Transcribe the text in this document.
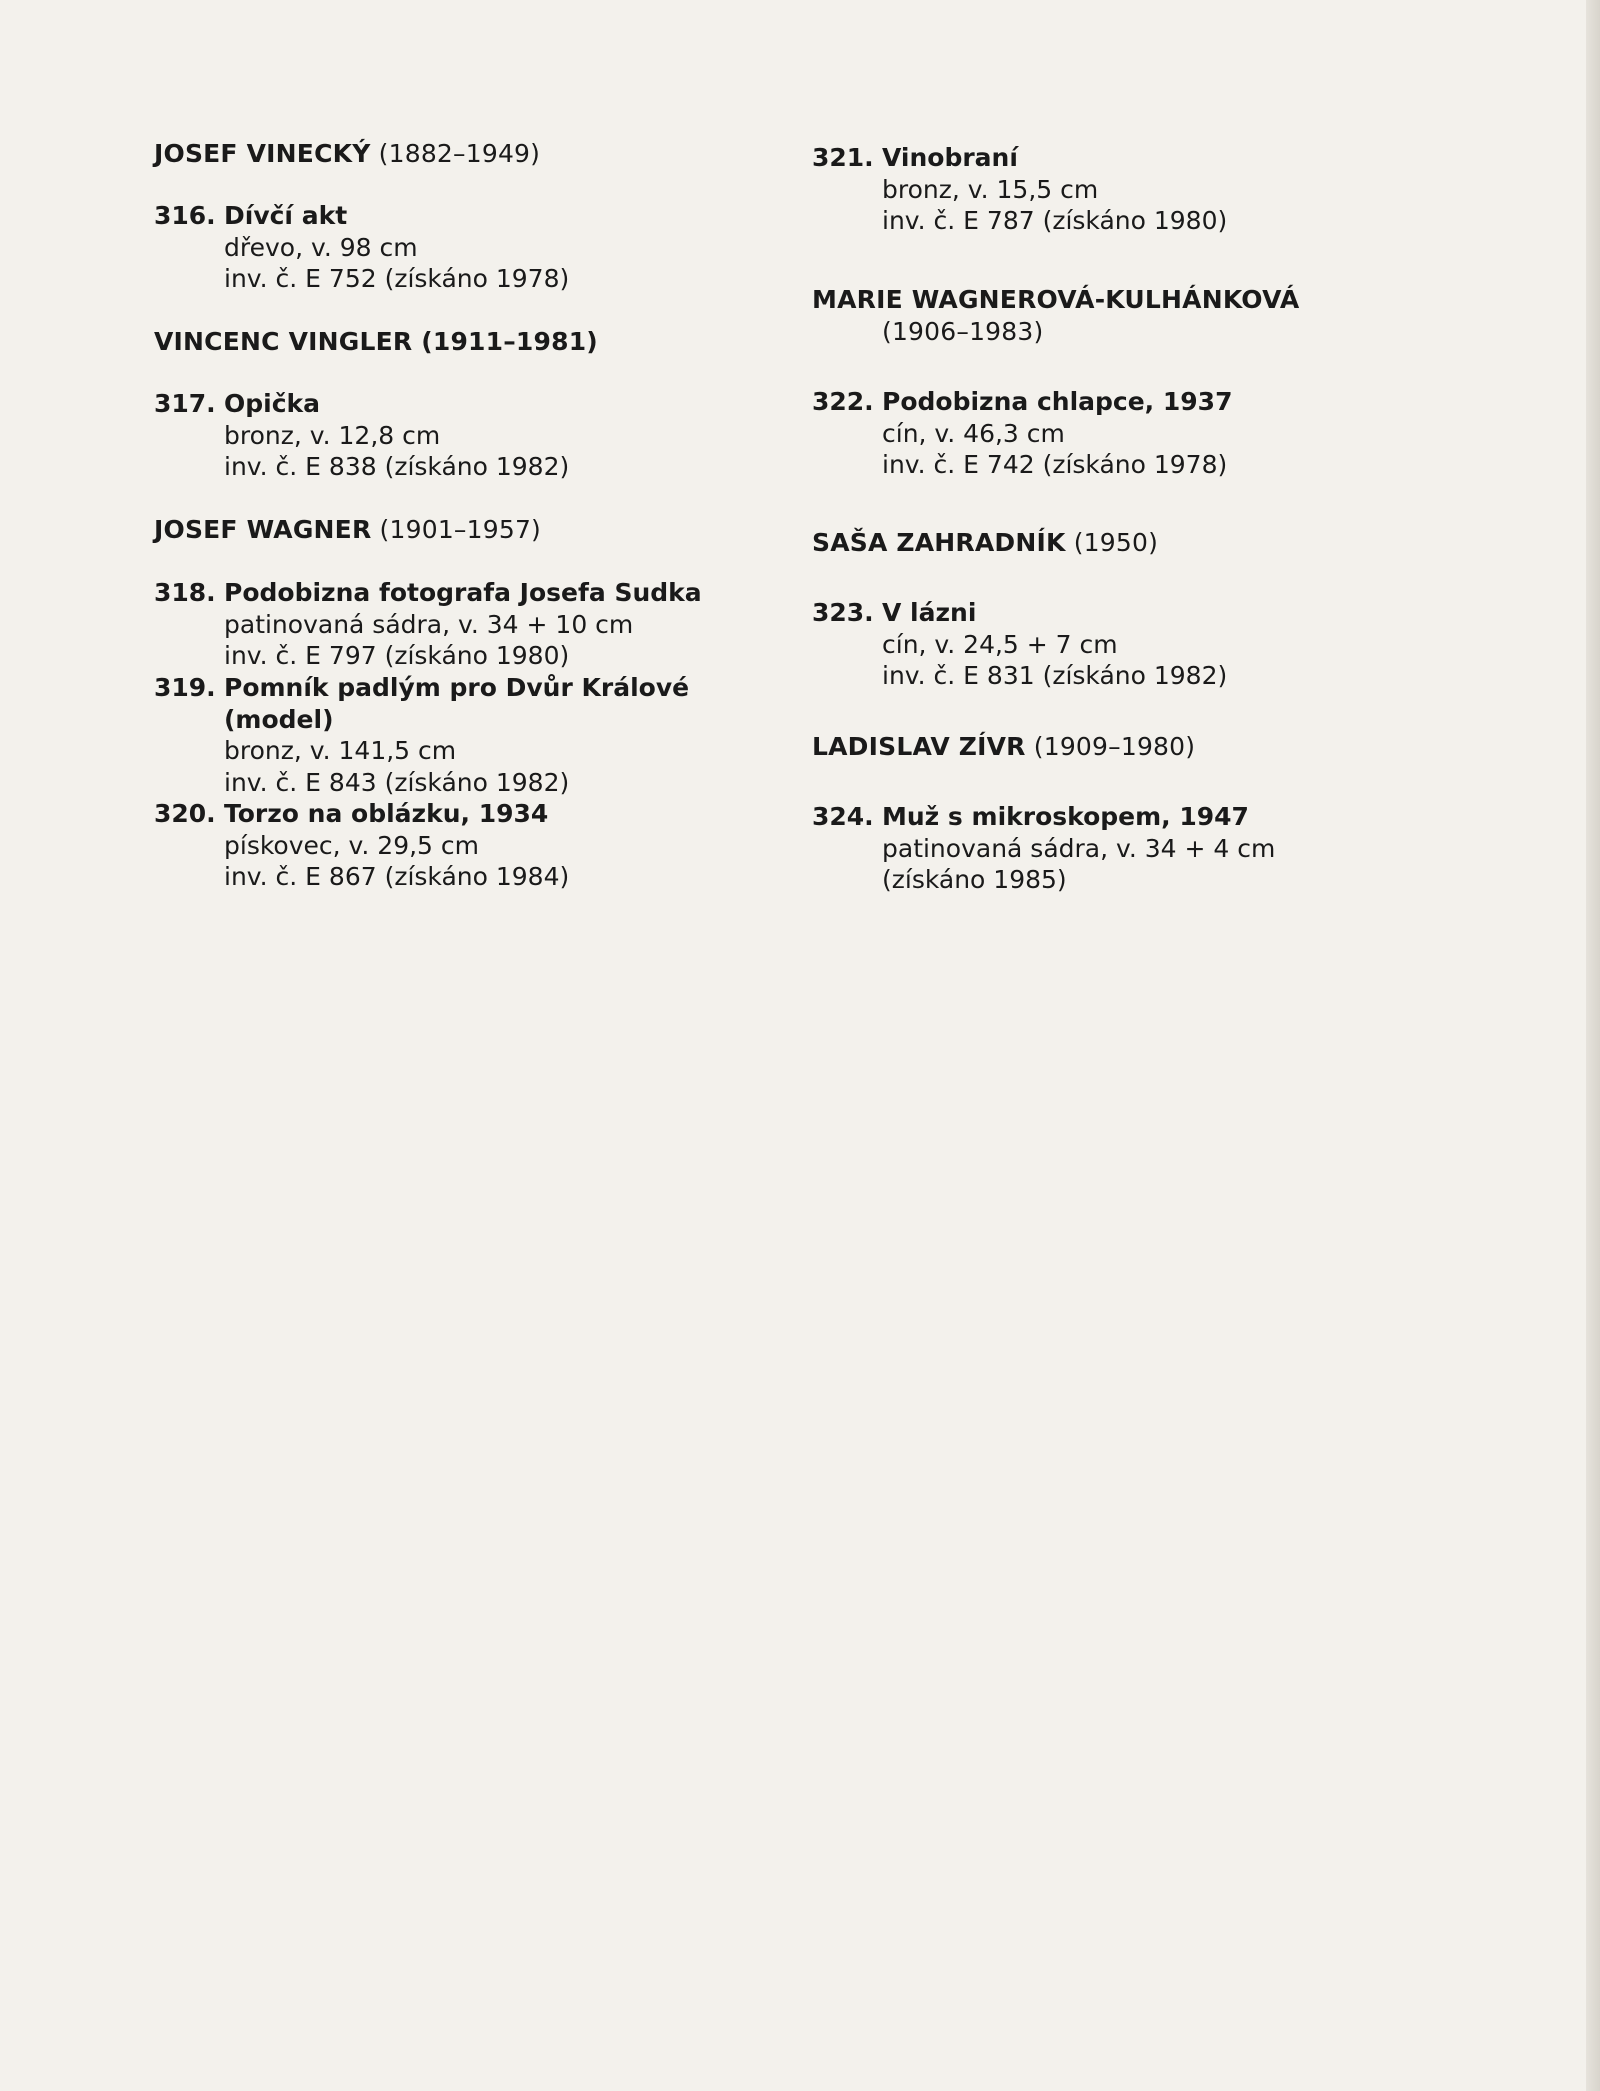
JOSEF VINECKÝ (1882–1949)
316. Dívčí akt
dřevo, v. 98 cm
inv. č. E 752 (získáno 1978)
VINCENC VINGLER (1911–1981)
317. Opička
bronz, v. 12,8 cm
inv. č. E 838 (získáno 1982)
JOSEF WAGNER (1901–1957)
318. Podobizna fotografa Josefa Sudka
patinovaná sádra, v. 34 + 10 cm
inv. č. E 797 (získáno 1980)
319. Pomník padlým pro Dvůr Králové
(model)
bronz, v. 141,5 cm
inv. č. E 843 (získáno 1982)
320. Torzo na oblázku, 1934
pískovec, v. 29,5 cm
inv. č. E 867 (získáno 1984)
321. Vinobraní
bronz, v. 15,5 cm
inv. č. E 787 (získáno 1980)
MARIE WAGNEROVÁ-KULHÁNKOVÁ
(1906–1983)
322. Podobizna chlapce, 1937
cín, v. 46,3 cm
inv. č. E 742 (získáno 1978)
SAŠA ZAHRADNÍK (1950)
323. V lázni
cín, v. 24,5 + 7 cm
inv. č. E 831 (získáno 1982)
LADISLAV ZÍVR (1909–1980)
324. Muž s mikroskopem, 1947
patinovaná sádra, v. 34 + 4 cm
(získáno 1985)
